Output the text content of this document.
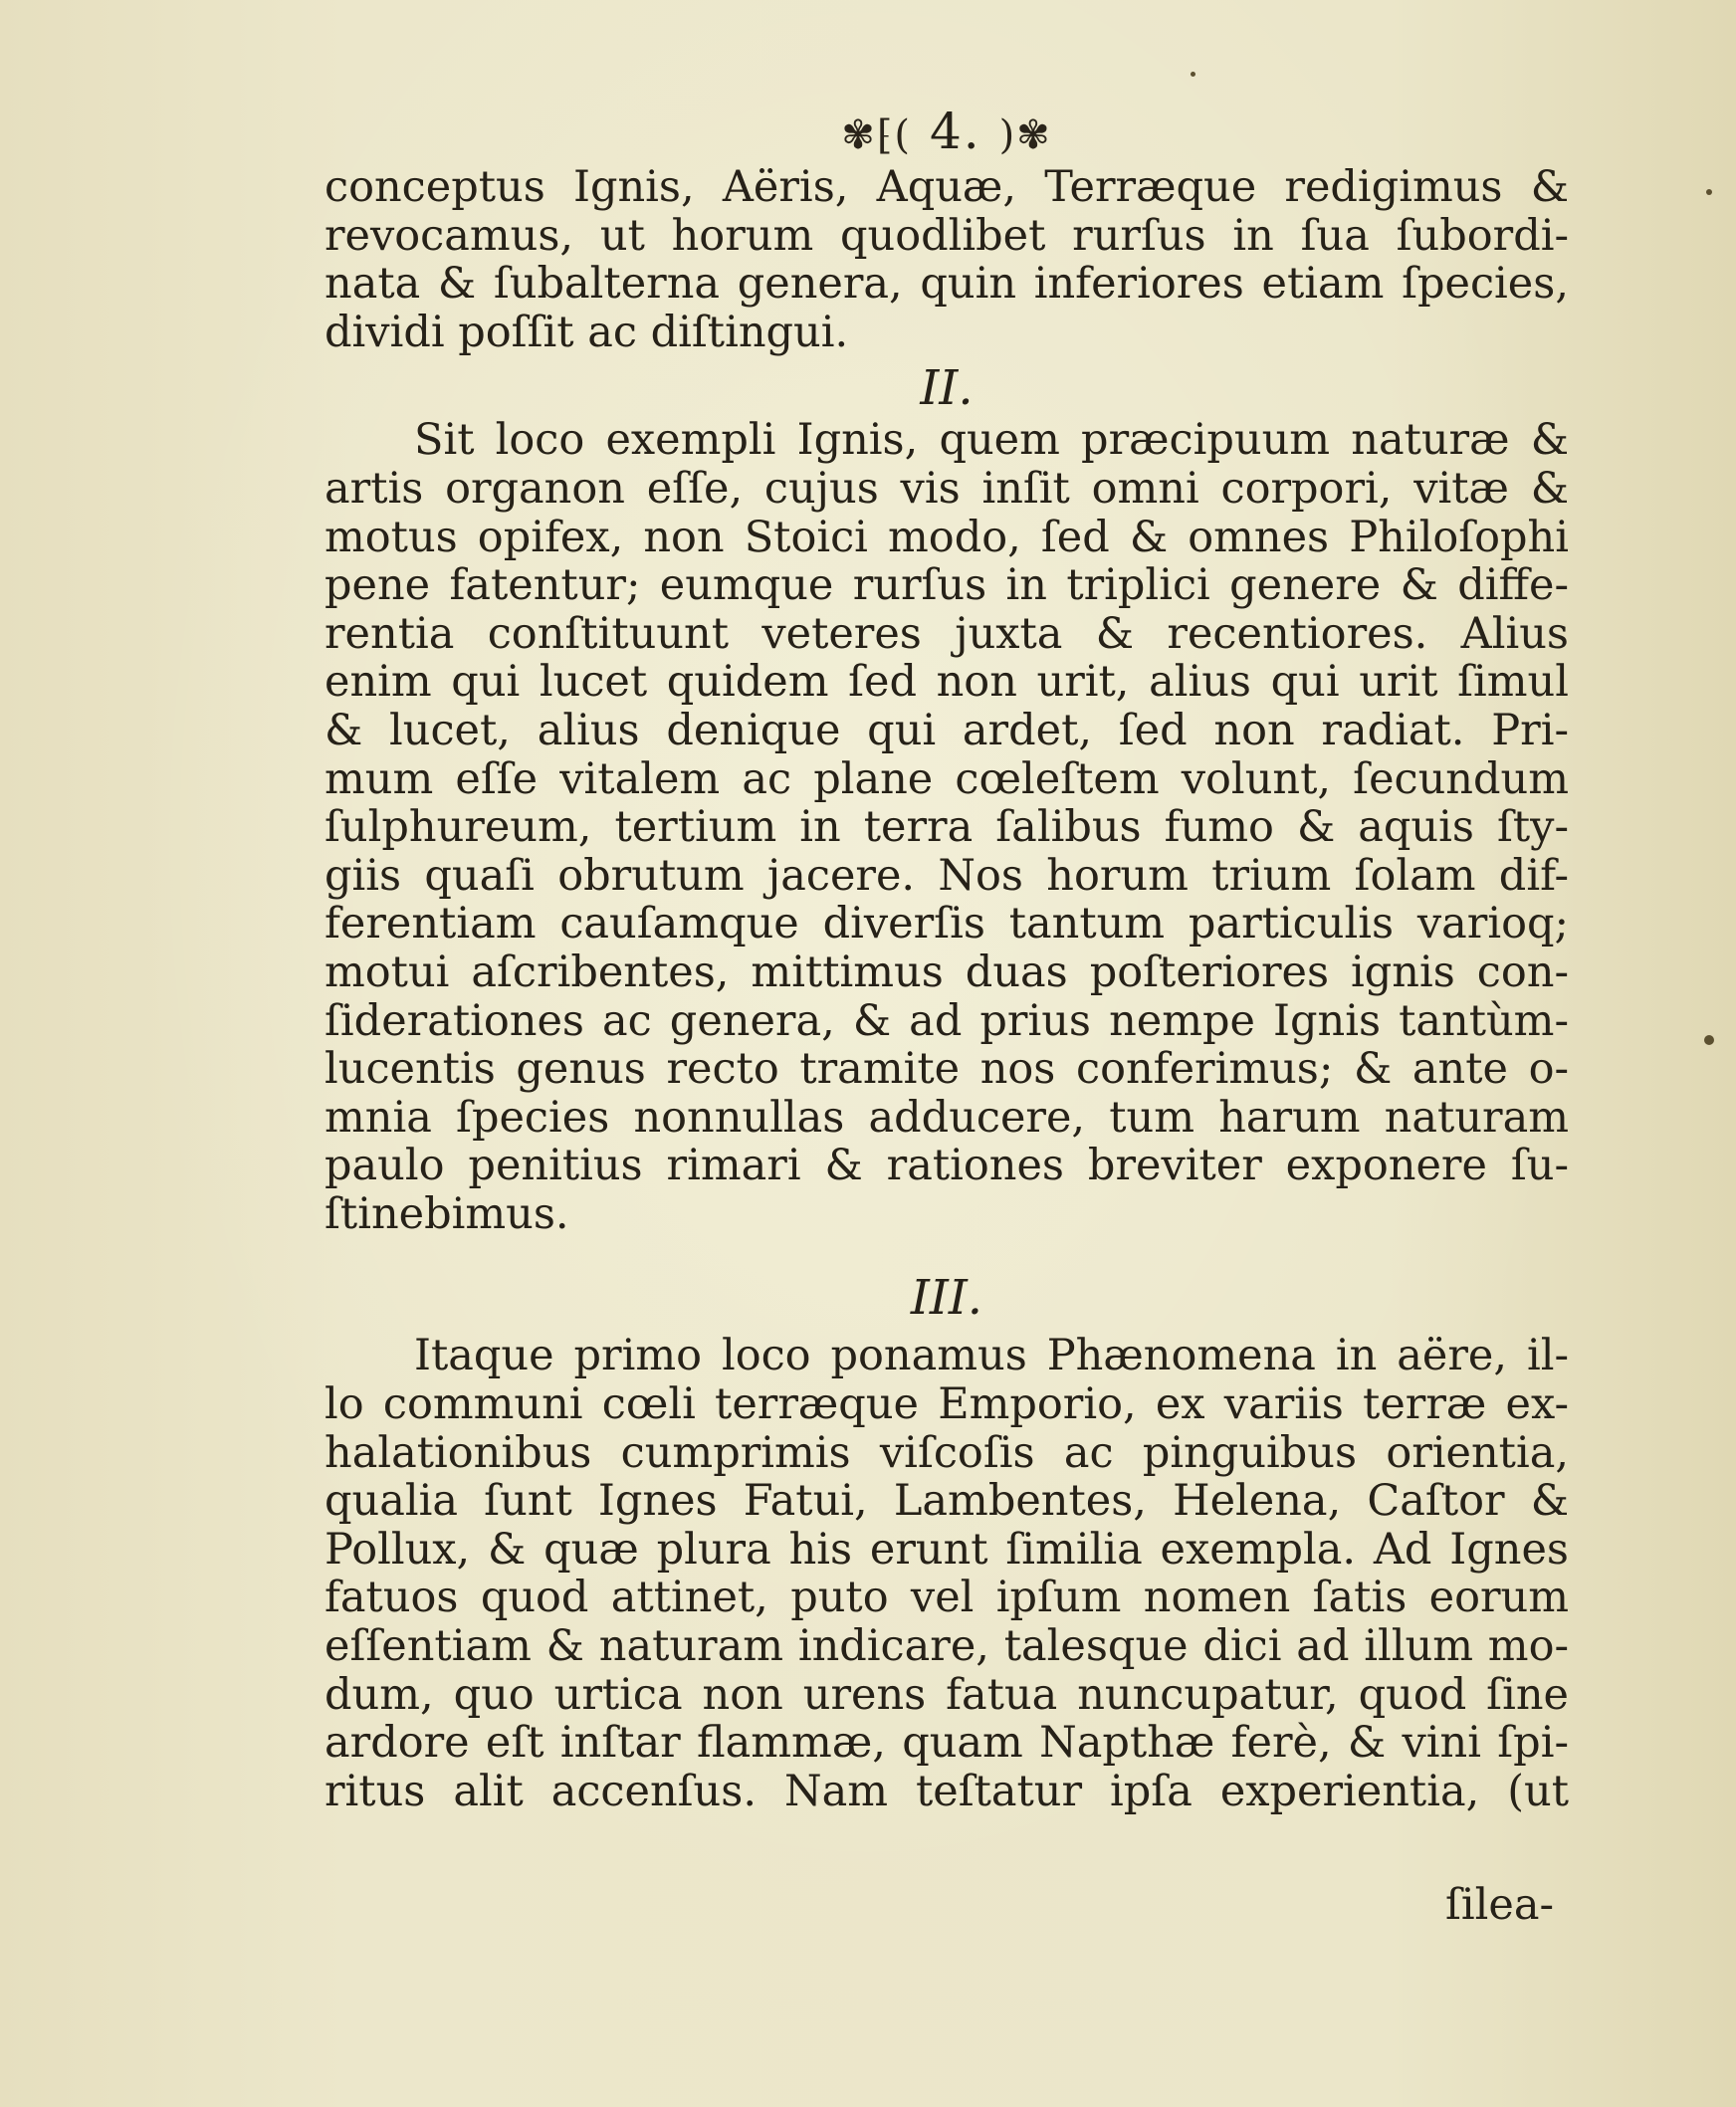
✾⁅( 4. )✾
conceptus Ignis, Aëris, Aquæ, Terræque redigimus &
revocamus, ut horum quodlibet rurſus in ſua ſubordi-
nata & ſubalterna genera, quin inferiores etiam ſpecies,
dividi poſſit ac diſtingui.
II.
Sit loco exempli Ignis, quem præcipuum naturæ &
artis organon eſſe, cujus vis inſit omni corpori, vitæ &
motus opifex, non Stoici modo, ſed & omnes Philoſophi
pene fatentur; eumque rurſus in triplici genere & diffe-
rentia conſtituunt veteres juxta & recentiores. Alius
enim qui lucet quidem ſed non urit, alius qui urit ſimul
& lucet, alius denique qui ardet, ſed non radiat. Pri-
mum eſſe vitalem ac plane cœleſtem volunt, ſecundum
ſulphureum, tertium in terra ſalibus fumo & aquis ſty-
giis quaſi obrutum jacere. Nos horum trium ſolam dif-
ferentiam cauſamque diverſis tantum particulis varioq;
motui aſcribentes, mittimus duas poſteriores ignis con-
ſiderationes ac genera, & ad prius nempe Ignis tantùm-
lucentis genus recto tramite nos conferimus; & ante o-
mnia ſpecies nonnullas adducere, tum harum naturam
paulo penitius rimari & rationes breviter exponere ſu-
ſtinebimus.
III.
Itaque primo loco ponamus Phænomena in aëre, il-
lo communi cœli terræque Emporio, ex variis terræ ex-
halationibus cumprimis viſcoſis ac pinguibus orientia,
qualia ſunt Ignes Fatui, Lambentes, Helena, Caſtor &
Pollux, & quæ plura his erunt ſimilia exempla. Ad Ignes
fatuos quod attinet, puto vel ipſum nomen ſatis eorum
eſſentiam & naturam indicare, talesque dici ad illum mo-
dum, quo urtica non urens fatua nuncupatur, quod ſine
ardore eſt inſtar flammæ, quam Napthæ ferè, & vini ſpi-
ritus alit accenſus. Nam teſtatur ipſa experientia, (ut
ſilea-
